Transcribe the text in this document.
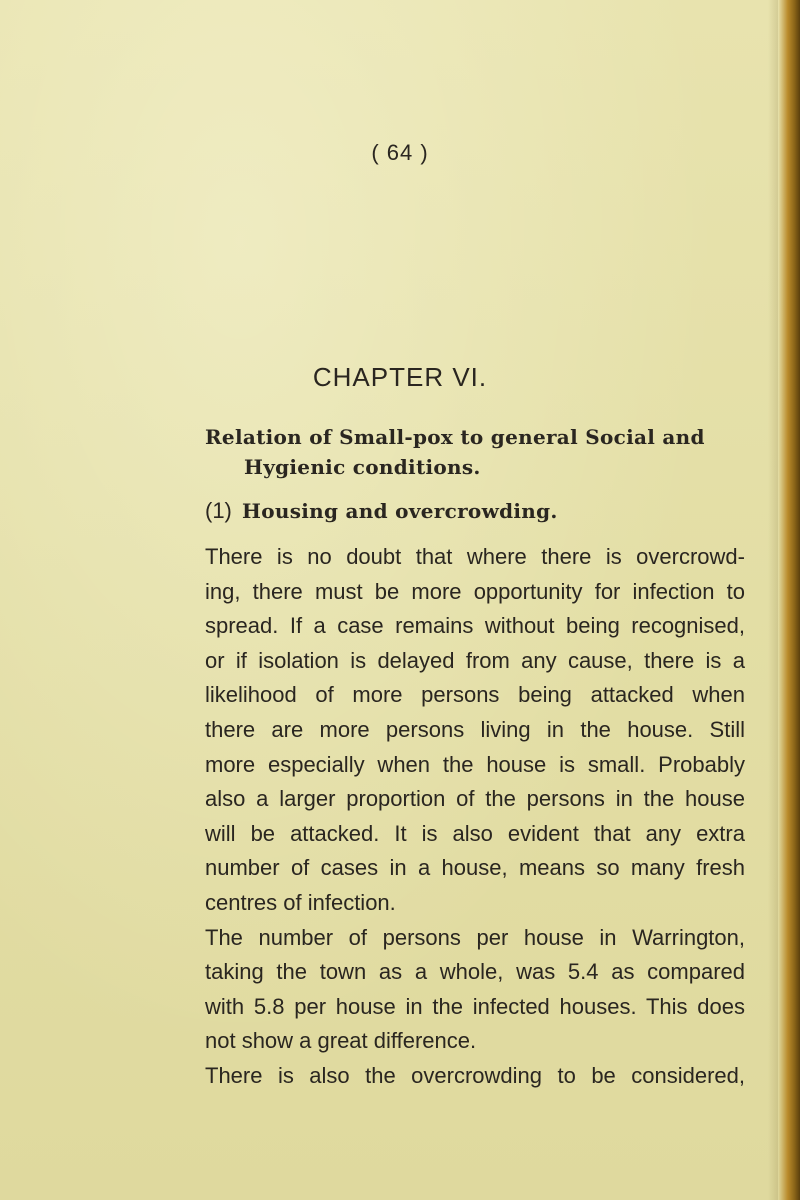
( 64 )
CHAPTER VI.
Relation of Small-pox to general Social and
Hygienic conditions.
(1) Housing and overcrowding.
There is no doubt that where there is overcrowd-
ing, there must be more opportunity for infection to
spread. If a case remains without being recognised,
or if isolation is delayed from any cause, there is a
likelihood of more persons being attacked when
there are more persons living in the house. Still
more especially when the house is small. Probably
also a larger proportion of the persons in the house
will be attacked. It is also evident that any extra
number of cases in a house, means so many fresh
centres of infection.
The number of persons per house in Warrington,
taking the town as a whole, was 5.4 as compared
with 5.8 per house in the infected houses. This does
not show a great difference.
There is also the overcrowding to be considered,
